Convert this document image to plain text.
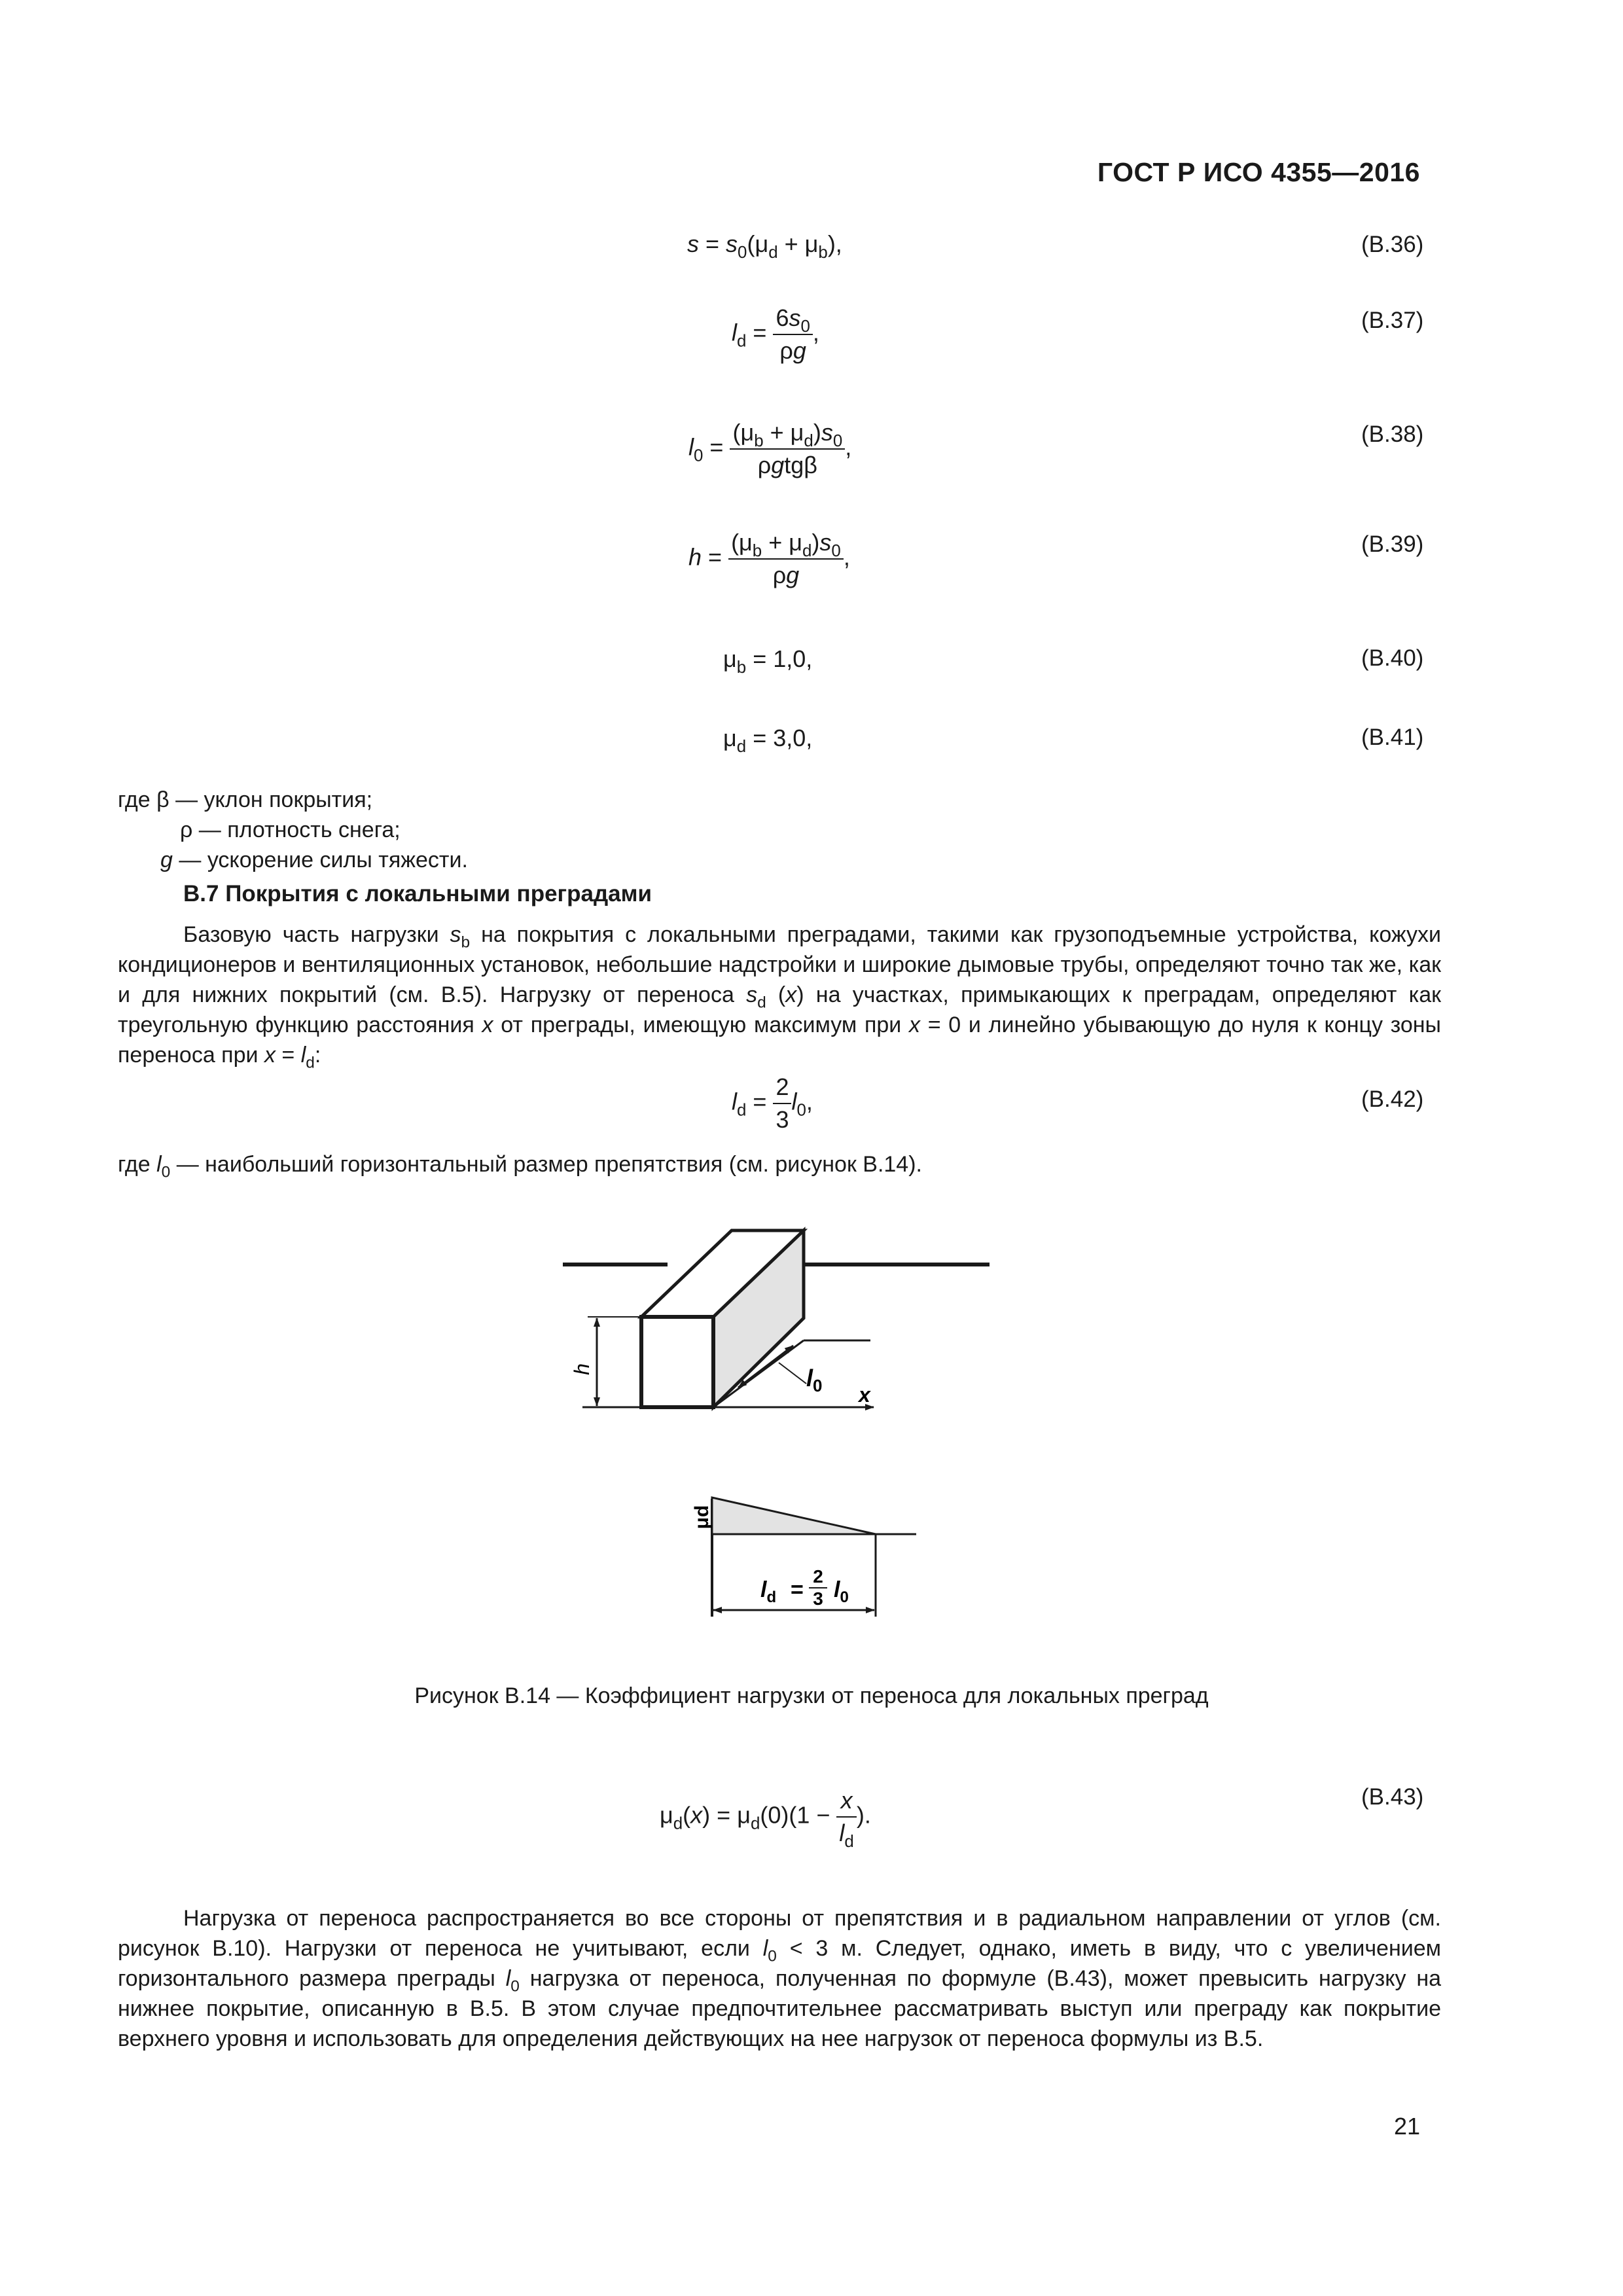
ГОСТ Р ИСО 4355—2016
$s = s_0(\mu_d + \mu_b)$,	(B.36)
$l_d = \frac{6s_0}{\rho g}$ ,	(B.37)
$l_0 = \frac{(\mu_b + \mu_d)s_0}{\text{ρgtgβ}}$ ,	(B.38)
$h = \frac{(\mu_b + \mu_d)s_0}{\rho g}$ ,	(B.39)
$\mu_b = 1,0$,	(B.40)
$\mu_d = 3,0$,	(B.41)
где β — уклон покрытия;
ρ — плотность снега;
g — ускорение силы тяжести.
B.7 Покрытия с локальными преградами
Базовую часть нагрузки $s_b$ на покрытия с локальными преградами, такими как грузоподъемные устройства, кожухи кондиционеров и вентиляционных установок, небольшие надстройки и широкие дымовые трубы, определяют точно так же, как и для нижних покрытий (см. B.5). Нагрузку от переноса $s_d$ (x) на участках, примыкающих к преградам, определяют как треугольную функцию расстояния x от преграды, имеющую максимум при x = 0 и линейно убывающую до нуля к концу зоны переноса при $x = l_d$:
$l_d = \frac{2}{3} l_0$,	(B.42)
где $l_0$ — наибольший горизонтальный размер препятствия (см. рисунок B.14).
h	$l_0$ x
μd
$l_d$ =
2
3 $l_0$
Рисунок B.14 — Коэффициент нагрузки от переноса для локальных преград
$\mu_d(x) = \mu_d(0)(1 - \frac{x}{l_d}$ ).
(B.43)
Нагрузка от переноса распространяется во все стороны от препятствия и в радиальном направлении от углов (см. рисунок B.10). Нагрузки от переноса не учитывают, если $l_0 < 3$ м. Следует, однако, иметь в виду, что с увеличением горизонтального размера преграды $l_0$ нагрузка от переноса, полученная по формуле (B.43), может превысить нагрузку на нижнее покрытие, описанную в B.5. В этом случае предпочтительнее рассматривать выступ или преграду как покрытие верхнего уровня и использовать для определения действующих на нее нагрузок от переноса формулы из B.5.
21
